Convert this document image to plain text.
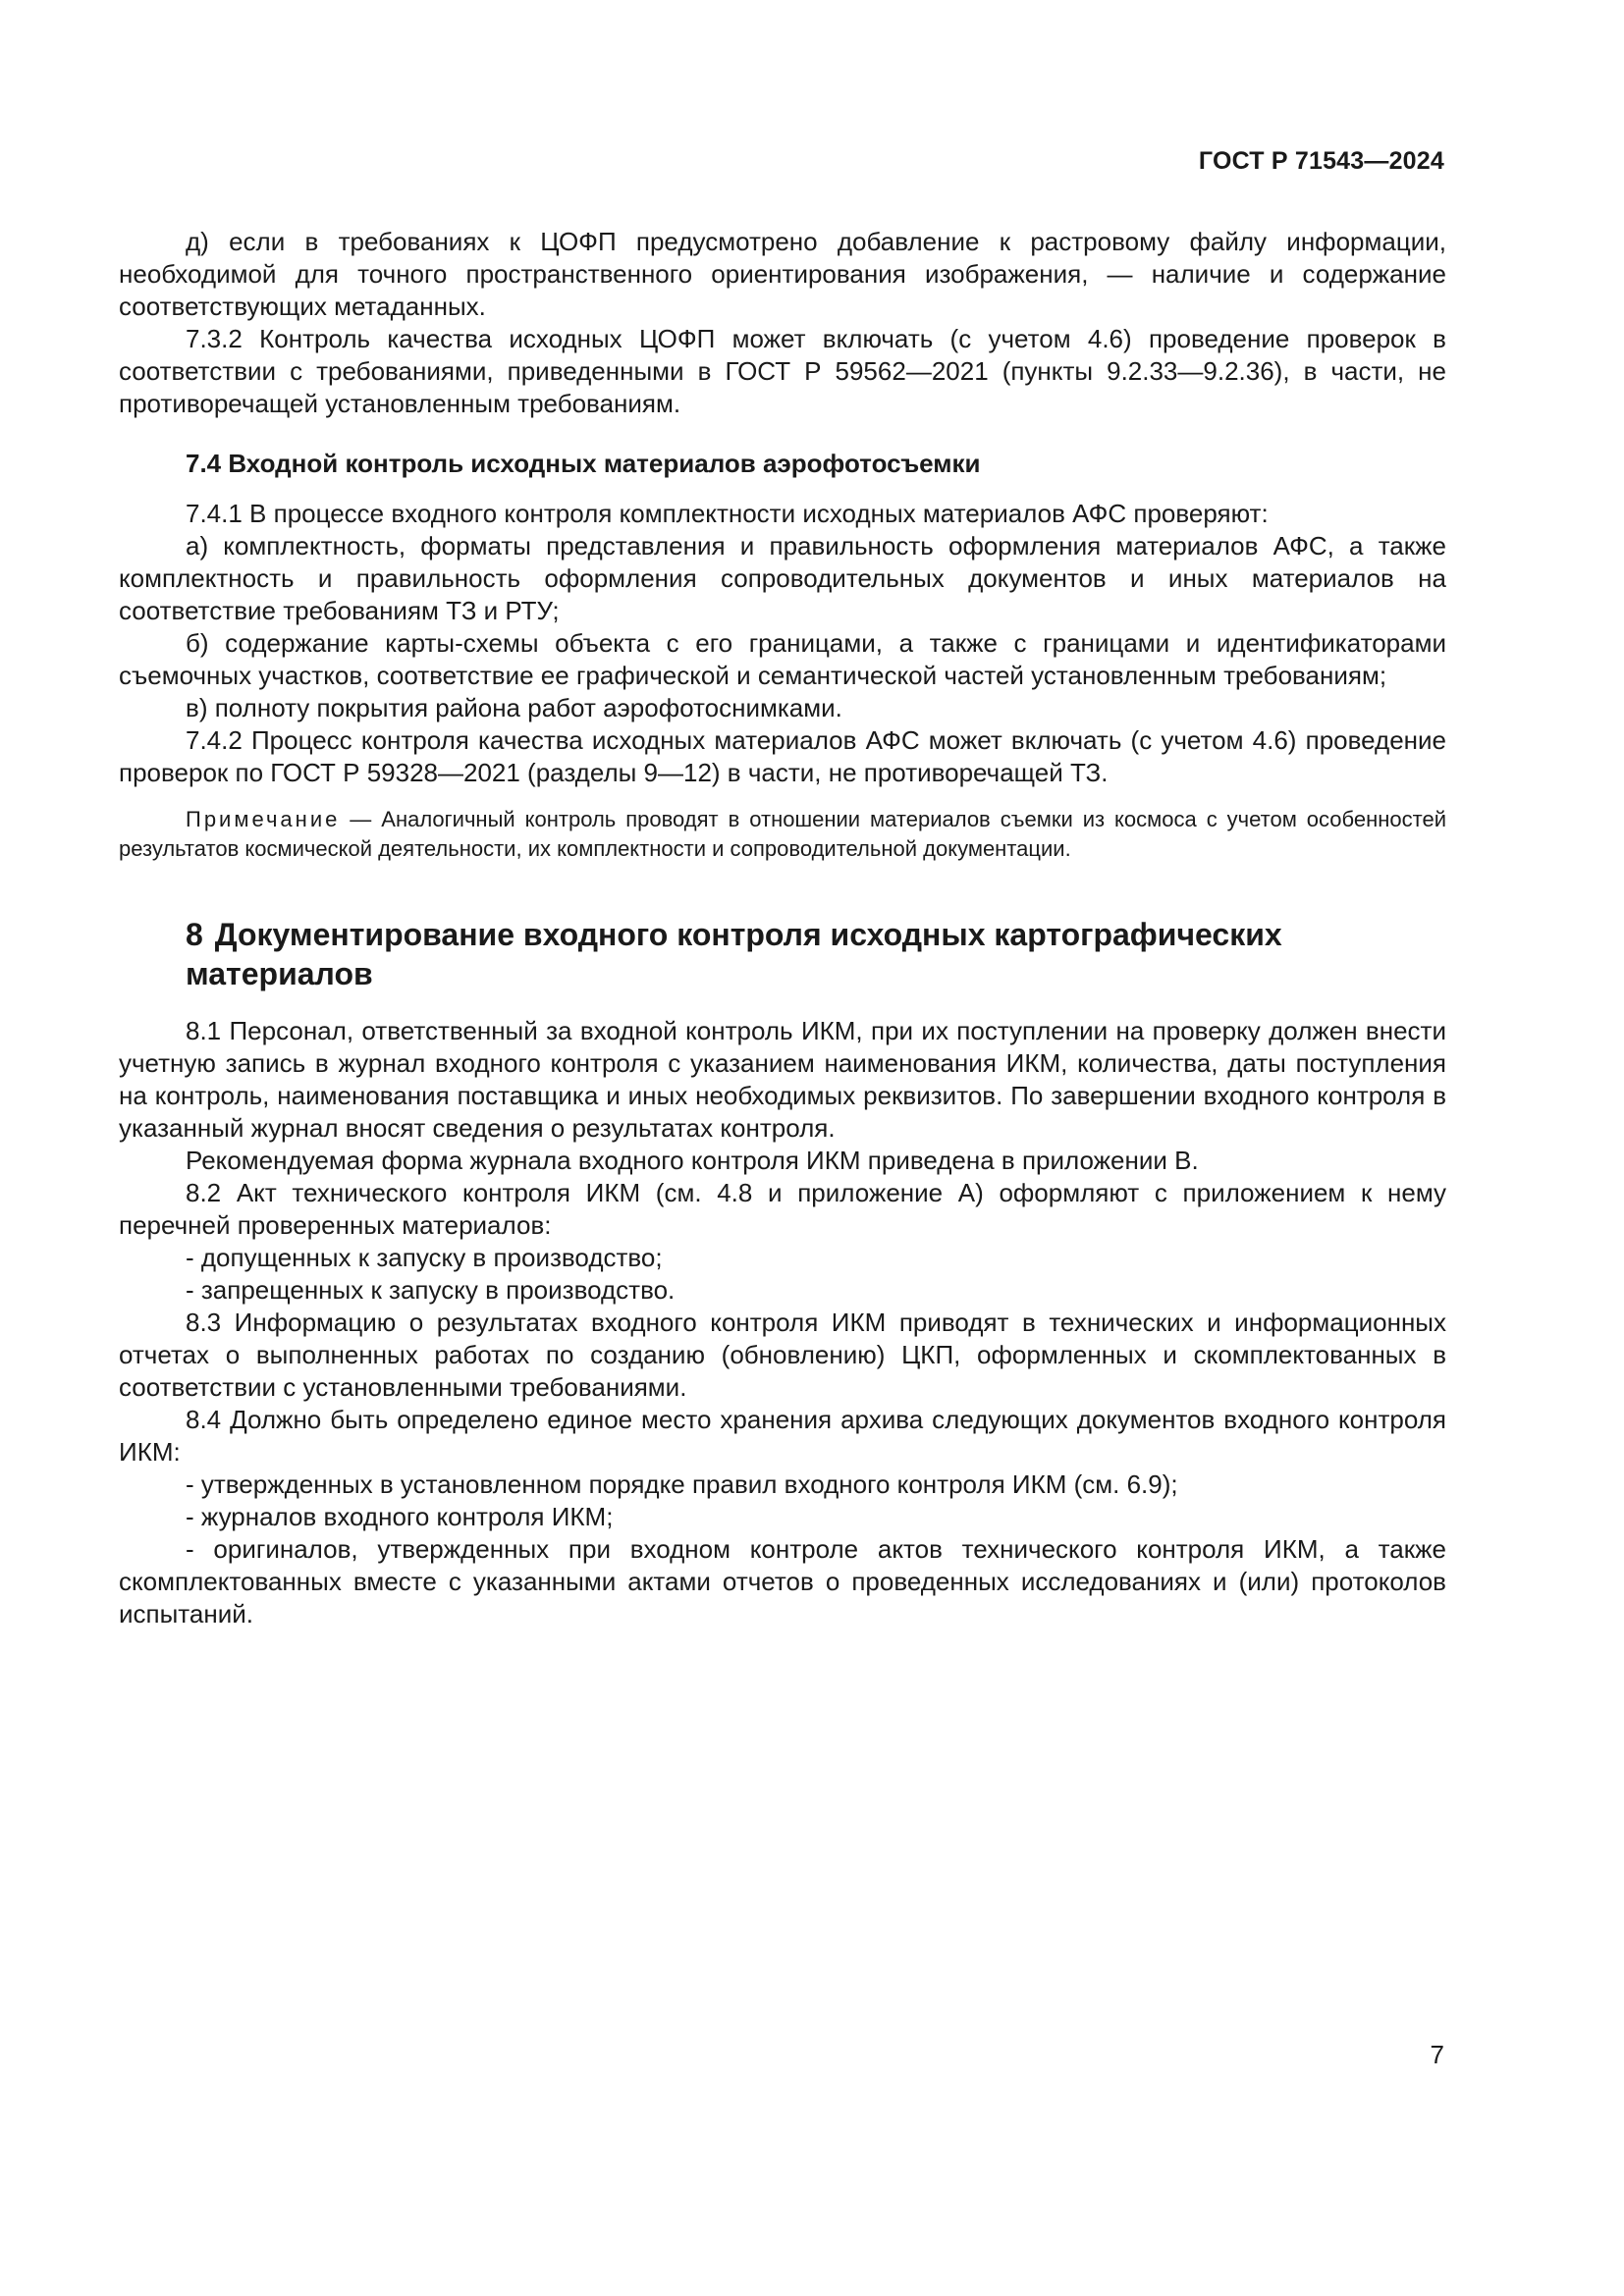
ГОСТ Р 71543—2024

д) если в требованиях к ЦОФП предусмотрено добавление к растровому файлу информации, необходимой для точного пространственного ориентирования изображения, — наличие и содержание соответствующих метаданных.

7.3.2 Контроль качества исходных ЦОФП может включать (с учетом 4.6) проведение проверок в соответствии с требованиями, приведенными в ГОСТ Р 59562—2021 (пункты 9.2.33—9.2.36), в части, не противоречащей установленным требованиям.

7.4 Входной контроль исходных материалов аэрофотосъемки

7.4.1 В процессе входного контроля комплектности исходных материалов АФС проверяют:

а) комплектность, форматы представления и правильность оформления материалов АФС, а также комплектность и правильность оформления сопроводительных документов и иных материалов на соответствие требованиям ТЗ и РТУ;

б) содержание карты-схемы объекта с его границами, а также с границами и идентификаторами съемочных участков, соответствие ее графической и семантической частей установленным требованиям;

в) полноту покрытия района работ аэрофотоснимками.

7.4.2 Процесс контроля качества исходных материалов АФС может включать (с учетом 4.6) проведение проверок по ГОСТ Р 59328—2021 (разделы 9—12) в части, не противоречащей ТЗ.

Примечание — Аналогичный контроль проводят в отношении материалов съемки из космоса с учетом особенностей результатов космической деятельности, их комплектности и сопроводительной документации.

8 Документирование входного контроля исходных картографических материалов

8.1 Персонал, ответственный за входной контроль ИКМ, при их поступлении на проверку должен внести учетную запись в журнал входного контроля с указанием наименования ИКМ, количества, даты поступления на контроль, наименования поставщика и иных необходимых реквизитов. По завершении входного контроля в указанный журнал вносят сведения о результатах контроля.

Рекомендуемая форма журнала входного контроля ИКМ приведена в приложении В.

8.2 Акт технического контроля ИКМ (см. 4.8 и приложение А) оформляют с приложением к нему перечней проверенных материалов:

- допущенных к запуску в производство;

- запрещенных к запуску в производство.

8.3 Информацию о результатах входного контроля ИКМ приводят в технических и информационных отчетах о выполненных работах по созданию (обновлению) ЦКП, оформленных и скомплектованных в соответствии с установленными требованиями.

8.4 Должно быть определено единое место хранения архива следующих документов входного контроля ИКМ:

- утвержденных в установленном порядке правил входного контроля ИКМ (см. 6.9);

- журналов входного контроля ИКМ;

- оригиналов, утвержденных при входном контроле актов технического контроля ИКМ, а также скомплектованных вместе с указанными актами отчетов о проведенных исследованиях и (или) протоколов испытаний.

7
